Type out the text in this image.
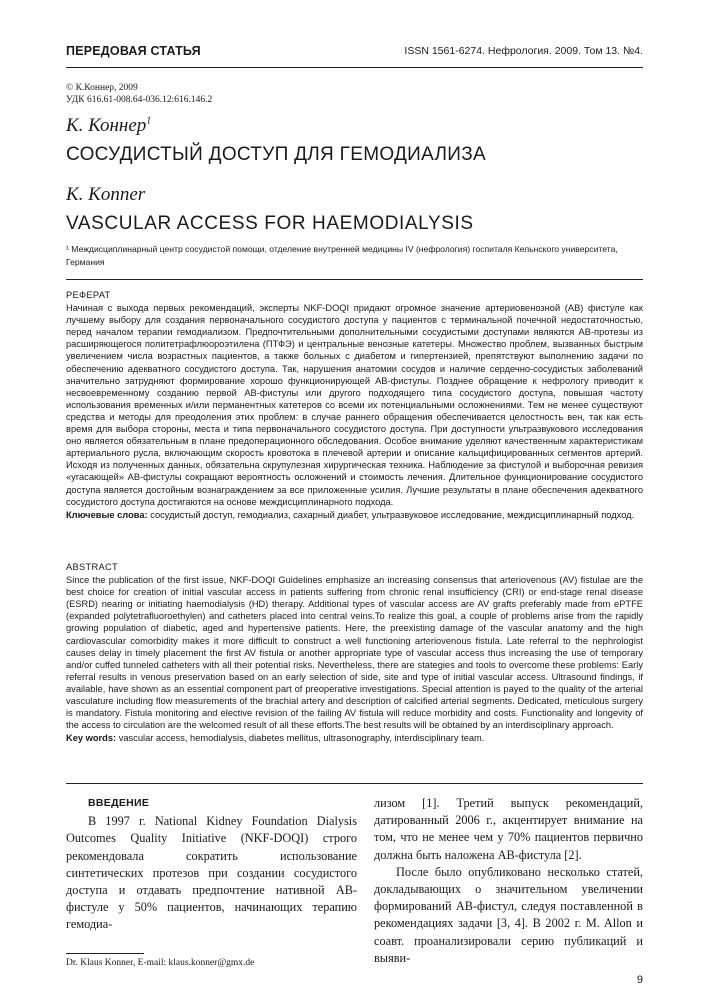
ПЕРЕДОВАЯ СТАТЬЯ	ISSN 1561-6274. Нефрология. 2009. Том 13. №4.
© К.Коннер, 2009
УДК 616.61-008.64-036.12:616.146.2
К. Коннер$^1$
СОСУДИСТЫЙ ДОСТУП ДЛЯ ГЕМОДИАЛИЗА
K. Konner
VASCULAR ACCESS FOR HAEMODIALYSIS
¹ Междисциплинарный центр сосудистой помощи, отделение внутренней медицины IV (нефрология) госпиталя Кельнского университета, Германия
РЕФЕРАТ
Начиная с выхода первых рекомендаций, эксперты NKF-DOQI придают огромное значение артериовенозной (АВ) фистуле как лучшему выбору для создания первоначального сосудистого доступа у пациентов с терминальной почечной недостаточностью, перед началом терапии гемодиализом. Предпочтительными дополнительными сосудистыми доступами являются АВ-протезы из расширяющегося политетрафлюороэтилена (ПТФЭ) и центральные венозные катетеры. Множество проблем, вызванных быстрым увеличением числа возрастных пациентов, а также больных с диабетом и гипертензией, препятствуют выполнению задачи по обеспечению адекватного сосудистого доступа. Так, нарушения анатомии сосудов и наличие сердечно-сосудистых заболеваний значительно затрудняют формирование хорошо функционирующей АВ-фистулы. Позднее обращение к нефрологу приводит к несвоевременному созданию первой АВ-фистулы или другого подходящего типа сосудистого доступа, повышая частоту использования временных и/или перманентных катетеров со всеми их потенциальными осложнениями. Тем не менее существуют средства и методы для преодоления этих проблем: в случае раннего обращения обеспечивается целостность вен, так как есть время для выбора стороны, места и типа первоначального сосудистого доступа. При доступности ультразвукового исследования оно является обязательным в плане предоперационного обследования. Особое внимание уделяют качественным характеристикам артериального русла, включающим скорость кровотока в плечевой артерии и описание кальцифицированных сегментов артерий. Исходя из полученных данных, обязательна скрупулезная хирургическая техника. Наблюдение за фистулой и выборочная ревизия «угасающей» АВ-фистулы сокращают вероятность осложнений и стоимость лечения. Длительное функционирование сосудистого доступа является достойным вознаграждением за все приложенные усилия. Лучшие результаты в плане обеспечения адекватного сосудистого доступа достигаются на основе междисциплинарного подхода.
Ключевые слова: сосудистый доступ, гемодиализ, сахарный диабет, ультразвуковое исследование, междисциплинарный подход.
ABSTRACT
Since the publication of the first issue, NKF-DOQI Guidelines emphasize an increasing consensus that arteriovenous (AV) fistulae are the best choice for creation of initial vascular access in patients suffering from chronic renal insufficiency (CRI) or end-stage renal disease (ESRD) nearing or initiating haemodialysis (HD) therapy. Additional types of vascular access are AV grafts preferably made from ePTFE (expanded polytetrafluoroethylen) and catheters placed into central veins.To realize this goal, a couple of problems arise from the rapidly growing population of diabetic, aged and hypertensive patients. Here, the preexisting damage of the vascular anatomy and the high cardiovascular comorbidity makes it more difficult to construct a well functioning arteriovenous fistula. Late referral to the nephrologist causes delay in timely placement the first AV fistula or another appropriate type of vascular access thus increasing the use of temporary and/or cuffed tunneled catheters with all their potential risks. Nevertheless, there are stategies and tools to overcome these problems: Early referral results in venous preservation based on an early selection of side, site and type of initial vascular access. Ultrasound findings, if available, have shown as an essential component part of preoperative investigations. Special attention is payed to the quality of the arterial vasculature including flow measurements of the brachial artery and description of calcified arterial segments. Dedicated, meticulous surgery is mandatory. Fistula monitoring and elective revision of the failing AV fistula will reduce morbidity and costs. Functionality and longevity of the access to circulation are the welcomed result of all these efforts.The best results will be obtained by an interdisciplinary approach.
Key words: vascular access, hemodialysis, diabetes mellitus, ultrasonography, interdisciplinary team.
ВВЕДЕНИЕ

В 1997 г. National Kidney Foundation Dialysis Outcomes Quality Initiative (NKF-DOQI) строго рекомендовала сократить использование синтетических протезов при создании сосудистого доступа и отдавать предпочтение нативной АВ-фистуле у 50% пациентов, начинающих терапию гемодиа-

лизом [1]. Третий выпуск рекомендаций, датированный 2006 г., акцентирует внимание на том, что не менее чем у 70% пациентов первично должна быть наложена АВ-фистула [2].

После было опубликовано несколько статей, докладывающих о значительном увеличении формирований АВ-фистул, следуя поставленной в рекомендациях задачи [3, 4]. В 2002 г. M. Allon и соавт. проанализировали серию публикаций и выяви-

Dr. Klaus Konner, E-mail: klaus.konner@gmx.de
9
